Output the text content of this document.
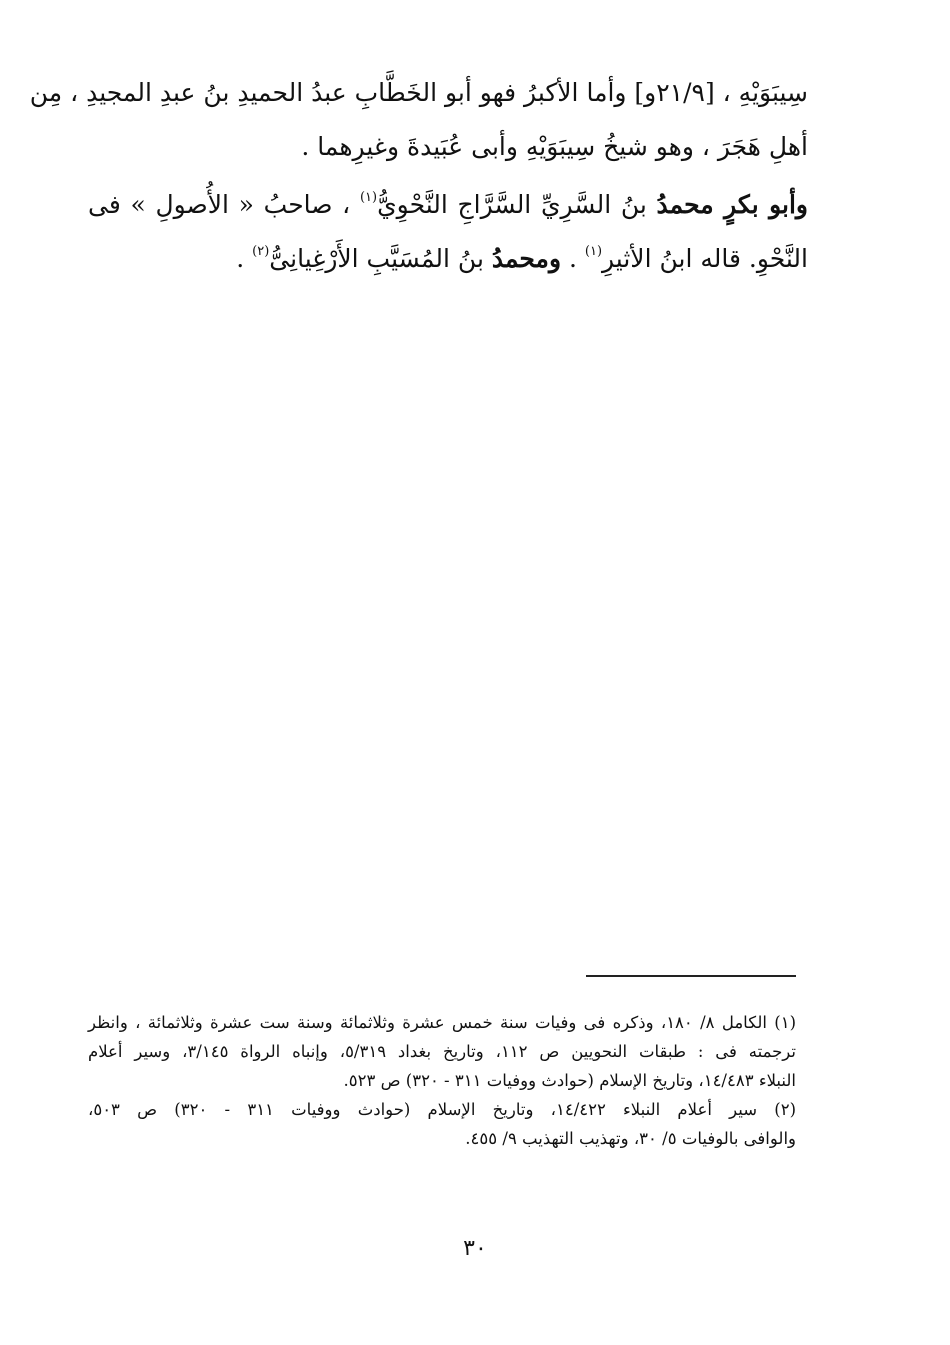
سِيبَوَيْهِ ، [٢١/٩و] وأما الأكبرُ فهو أبو الخَطَّابِ عبدُ الحميدِ بنُ عبدِ المجيدِ ، مِن
أهلِ هَجَرَ ، وهو شيخُ سِيبَوَيْهِ وأبى عُبَيدةَ وغيرِهما .
وأبو بكرٍ محمدُ بنُ السَّرِيِّ السَّرَّاجِ النَّحْوِيُّ$^{(١)}$ ، صاحبُ « الأُصولِ » فى
النَّحْوِ. قاله ابنُ الأثيرِ$^{(١)}$ . ومحمدُ بنُ المُسَيَّبِ الأَرْغِيانِىُّ$^{(٢)}$ .
(١) الكامل ٨/ ١٨٠، وذكره فى وفيات سنة خمس عشرة وثلاثمائة وسنة ست عشرة وثلاثمائة ، وانظر
ترجمته فى : طبقات النحويين ص ١١٢، وتاريخ بغداد ٥/٣١٩، وإنباه الرواة ٣/١٤٥، وسير أعلام
النبلاء ١٤/٤٨٣، وتاريخ الإسلام (حوادث ووفيات ٣١١ - ٣٢٠) ص ٥٢٣.
(٢) سير أعلام النبلاء ١٤/٤٢٢، وتاريخ الإسلام (حوادث ووفيات ٣١١ - ٣٢٠) ص ٥٠٣،
والوافى بالوفيات ٥/ ٣٠، وتهذيب التهذيب ٩/ ٤٥٥.
٣٠
